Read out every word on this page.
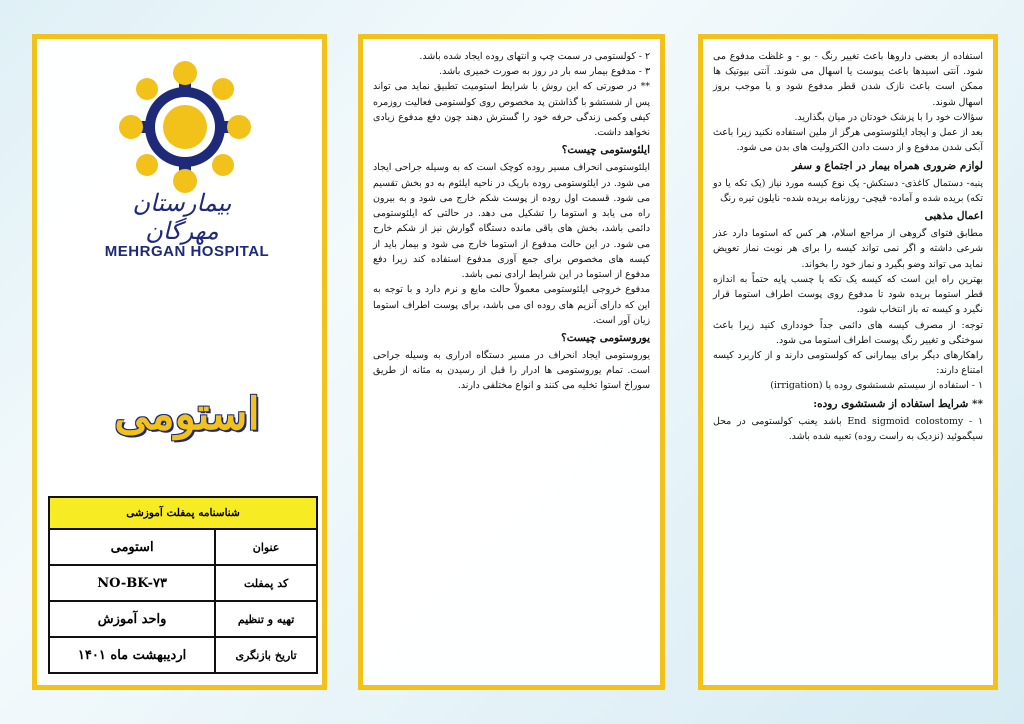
بیمارستان مهرگان
MEHRGAN HOSPITAL
استومی
شناسنامه پمفلت آموزشی	
عنوان	استومی
کد پمفلت	NO-BK-۷۳
تهیه و تنظیم	واحد آموزش
تاریخ بازنگری	اردیبهشت ماه ۱۴۰۱

۲ - کولستومی در سمت چپ و انتهای روده ایجاد شده باشد.

۳ - مدفوع بیمار سه بار در روز به صورت خمیری باشد.

** در صورتی که این روش با شرایط استومیت تطبیق نماید می تواند پس از شستشو با گذاشتن پد مخصوص روی کولستومی فعالیت روزمره کیفی وکمی زندگی حرفه خود را گسترش دهند چون دفع مدفوع زیادی نخواهد داشت.

ایلئوستومی چیست؟

ایلئوستومی انحراف مسیر روده کوچک است که به وسیله جراحی ایجاد می شود. در ایلئوستومی روده باریک در ناحیه ایلئوم به دو بخش تقسیم می شود. قسمت اول روده از پوست شکم خارج می شود و به بیرون راه می یابد و استوما را تشکیل می دهد. در حالتی که ایلئوستومی دائمی باشد، بخش های باقی مانده دستگاه گوارش نیز از شکم خارج می شود. در این حالت مدفوع از استوما خارج می شود و بیمار باید از کیسه های مخصوص برای جمع آوری مدفوع استفاده کند زیرا دفع مدفوع از استوما در این شرایط ارادی نمی باشد.

مدفوع خروجی ایلئوستومی معمولاً حالت مایع و نرم دارد و با توجه به این که دارای آنزیم های روده ای می باشد، برای پوست اطراف استوما زیان آور است.

یوروستومی چیست؟

یوروستومی ایجاد انحراف در مسیر دستگاه ادراری به وسیله جراحی است. تمام یوروستومی ها ادرار را قبل از رسیدن به مثانه از طریق سوراخ استوا تخلیه می کنند و انواع مختلفی دارند.

استفاده از بعضی داروها باعث تغییر رنگ - بو - و غلظت مدفوع می شود. آنتی اسیدها باعث یبوست یا اسهال می شوند. آنتی بیوتیک ها ممکن است باعث نازک شدن قطر مدفوع شود و یا موجب بروز اسهال شوند.

سؤالات خود را با پزشک خودتان در میان بگذارید.

بعد از عمل و ایجاد ایلئوستومی هرگز از ملین استفاده نکنید زیرا باعث آبکی شدن مدفوع و از دست دادن الکترولیت های بدن می شود.

لوازم ضروری همراه بیمار در اجتماع و سفر

پنبه- دستمال کاغذی- دستکش- یک نوع کیسه مورد نیاز (یک تکه یا دو تکه) بریده شده و آماده- قیچی- روزنامه بریده شده- نایلون تیره رنگ

اعمال مذهبی

مطابق فتوای گروهی از مراجع اسلام، هر کس که استوما دارد عذر شرعی داشته و اگر نمی تواند کیسه را برای هر نوبت نماز تعویض نماید می تواند وضو بگیرد و نماز خود را بخواند.

بهترین راه این است که کیسه یک تکه یا چسب پایه حتماً به اندازه قطر استوما بریده شود تا مدفوع روی پوست اطراف استوما قرار نگیرد و کیسه ته باز انتخاب شود.

توجه: از مصرف کیسه های دائمی جداً خودداری کنید زیرا باعث سوختگی و تغییر رنگ پوست اطراف استوما می شود.

راهکارهای دیگر برای بیمارانی که کولستومی دارند و از کاربرد کیسه امتناع دارند:

۱ - استفاده از سیستم شستشوی روده یا (irrigation)

** شرایط استفاده از شستشوی روده:

۱ - End sigmoid colostomy باشد یعنب کولستومی در محل سیگموئید (نزدیک به راست روده) تعبیه شده باشد.
